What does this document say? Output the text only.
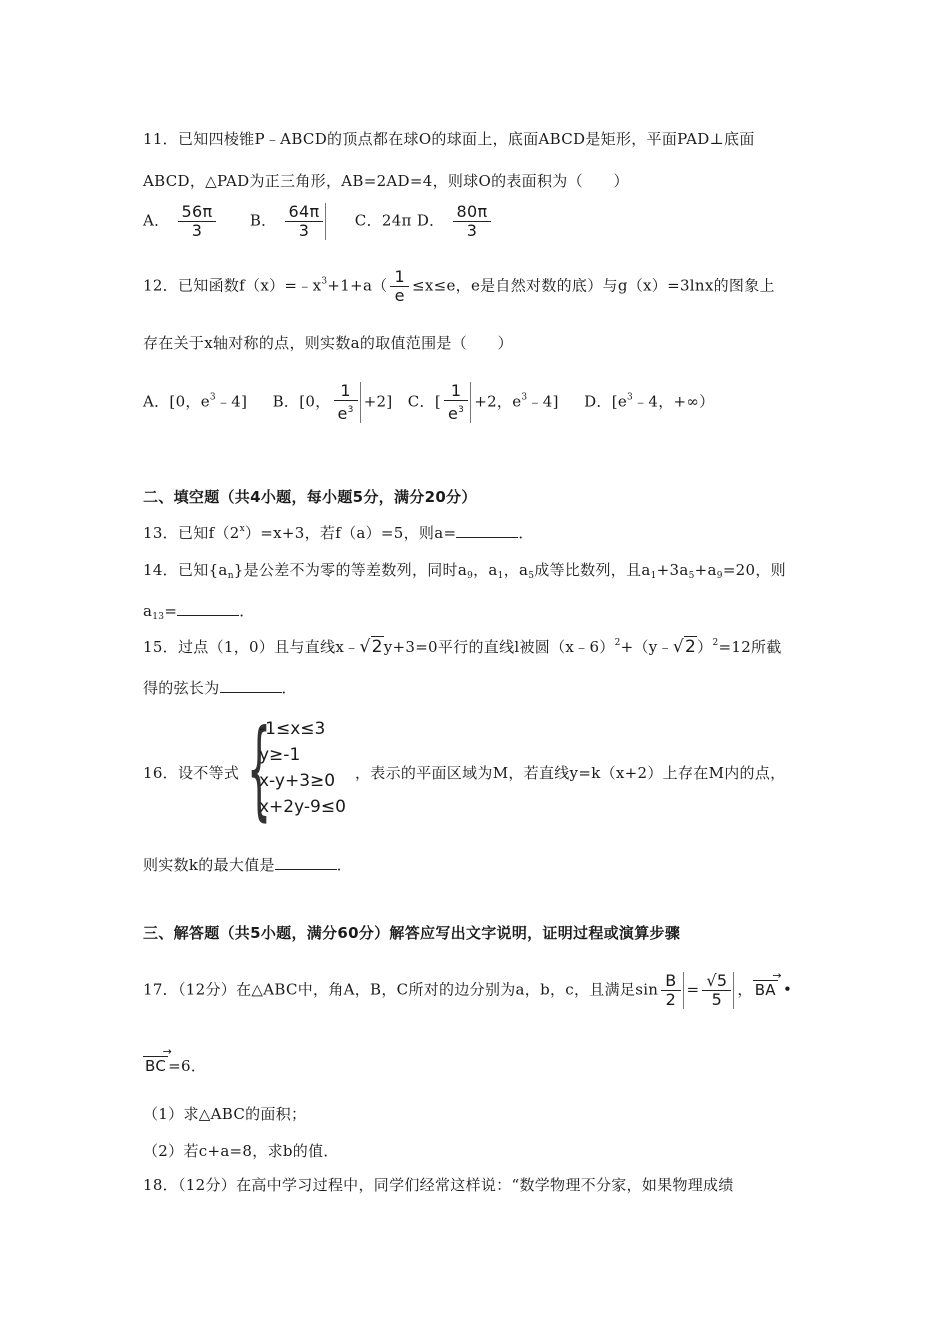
11．已知四棱锥P﹣ABCD的顶点都在球O的球面上，底面ABCD是矩形，平面PAD⊥底面
ABCD，△PAD为正三角形，AB=2AD=4，则球O的表面积为（　　）
A． $\frac{56\pi}{3}$ B． $\frac{64\pi}{3}$ C．24π D． $\frac{80\pi}{3}$
12．已知函数$f(x)=﹣x^3+1+a( \frac{1}{e} \le x\le e$，e是自然对数的底）与g（x）=3lnx的图象上
存在关于x轴对称的点，则实数a的取值范围是（　　）
A．[0，$e^3﹣4$] B．[0， $\frac{1}{e^3} +2$] C．[ $\frac{1}{e^3} +2$，$e^3﹣4$] D．[$e^3﹣4$，+∞）
二、填空题（共4小题，每小题5分，满分20分）
13．已知$f(2^x)=x+3$，若f（a）=5，则a=	．
14．已知$\{a_n\}$是公差不为零的等差数列，同时$a_9$，$a_1$，$a_5$成等比数列，且$a_1+3a_5+a_9=20$，则
$a_{13}=$	．
15．过点（1，0）且与直线x﹣√2y+3=0平行的直线l被圆（x﹣6）$^2$+（y﹣√2）$^2$=12所截
得的弦长为	．
16．设不等式 {
-1≤x≤3
y≥-1
x-y+3≥0
x+2y-9≤0
，表示的平面区域为M，若直线y=k（x+2）上存在M内的点，
则实数k的最大值是	．
三、解答题（共5小题，满分60分）解答应写出文字说明，证明过程或演算步骤
17．（12分）在△ABC中，角A，B，C所对的边分别为a，b，c，且满足$\sin \frac{B}{2} = \frac{√5}{5}$ ， BA → •
BC → =6．
（1）求△ABC的面积；
（2）若c+a=8，求b的值．
18．（12分）在高中学习过程中，同学们经常这样说：“数学物理不分家，如果物理成绩
